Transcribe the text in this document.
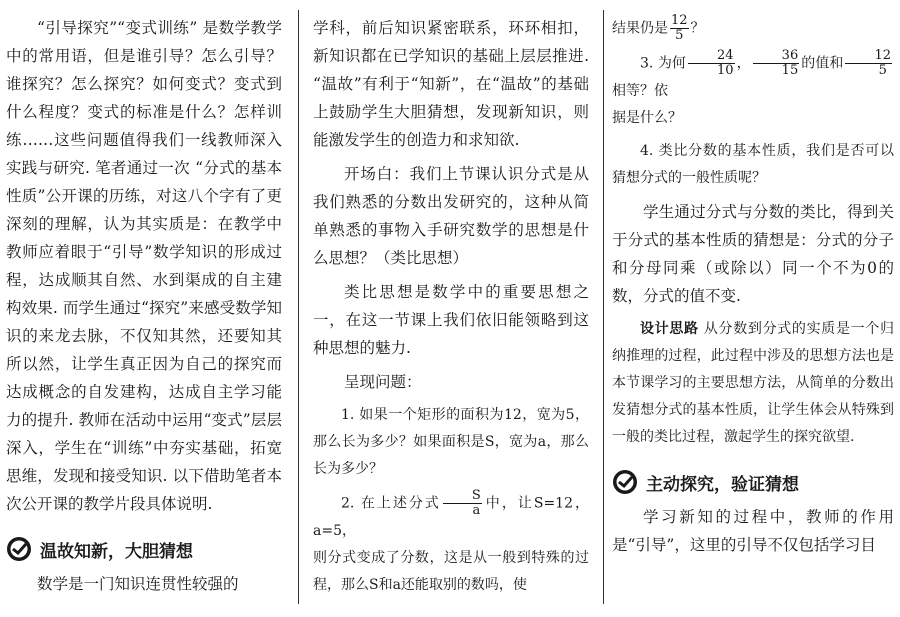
“引导探究”“变式训练” 是数学教学中的常用语，但是谁引导？怎么引导？谁探究？怎么探究？如何变式？变式到什么程度？变式的标准是什么？怎样训练……这些问题值得我们一线教师深入实践与研究. 笔者通过一次 “分式的基本性质”公开课的历练，对这八个字有了更深刻的理解，认为其实质是：在教学中教师应着眼于“引导”数学知识的形成过程，达成顺其自然、水到渠成的自主建构效果. 而学生通过“探究”来感受数学知识的来龙去脉，不仅知其然，还要知其所以然，让学生真正因为自己的探究而达成概念的自发建构，达成自主学习能力的提升. 教师在活动中运用“变式”层层深入，学生在“训练”中夯实基础，拓宽思维，发现和接受知识. 以下借助笔者本次公开课的教学片段具体说明.

温故知新，大胆猜想

数学是一门知识连贯性较强的

学科，前后知识紧密联系，环环相扣，新知识都在已学知识的基础上层层推进. “温故”有利于“知新”，在“温故”的基础上鼓励学生大胆猜想，发现新知识，则能激发学生的创造力和求知欲.

开场白：我们上节课认识分式是从我们熟悉的分数出发研究的，这种从简单熟悉的事物入手研究数学的思想是什么思想？（类比思想）

类比思想是数学中的重要思想之一，在这一节课上我们依旧能领略到这种思想的魅力.

呈现问题：

1. 如果一个矩形的面积为12，宽为5，那么长为多少？如果面积是S，宽为a，那么长为多少？

2. 在上述分式 $\frac{S}{a}$ 中，让S=12，a=5，

则分式变成了分数，这是从一般到特殊的过程，那么S和a还能取别的数吗，使

结果仍是 $\frac{12}{5}$ ？

3. 为何 $\frac{24}{10}$ ， $\frac{36}{15}$ 的值和 $\frac{12}{5}$
相等？依

据是什么？

4. 类比分数的基本性质，我们是否可以猜想分式的一般性质呢？

学生通过分式与分数的类比，得到关于分式的基本性质的猜想是：分式的分子和分母同乘（或除以）同一个不为0的数，分式的值不变.

设计思路 从分数到分式的实质是一个归纳推理的过程，此过程中涉及的思想方法也是本节课学习的主要思想方法，从简单的分数出发猜想分式的基本性质，让学生体会从特殊到一般的类比过程，激起学生的探究欲望.

主动探究，验证猜想

学习新知的过程中，教师的作用是“引导”，这里的引导不仅包括学习目
